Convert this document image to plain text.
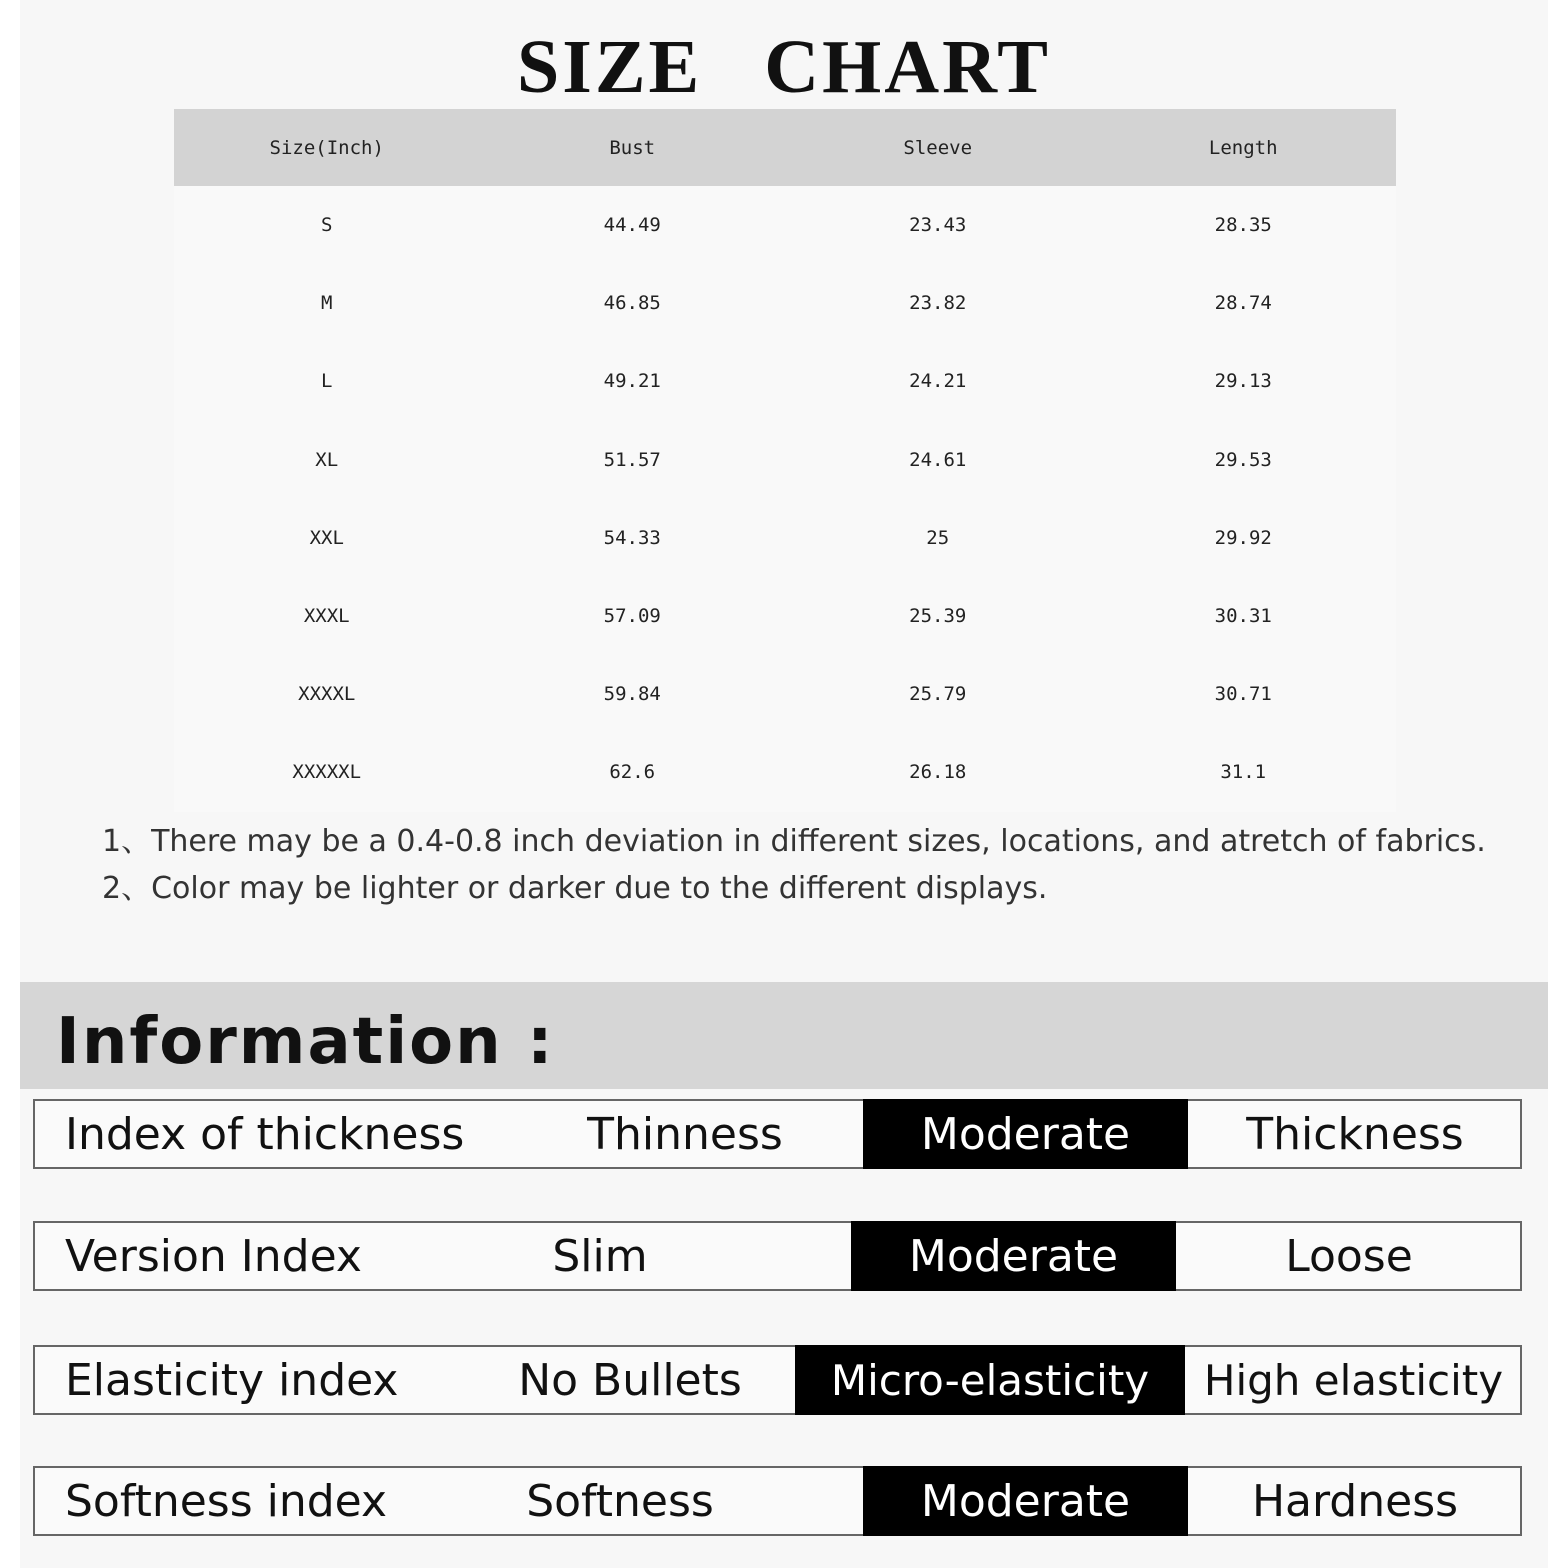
SIZE CHART
Size(Inch)	Bust	Sleeve	Length
S	44.49	23.43	28.35
M	46.85	23.82	28.74
L	49.21	24.21	29.13
XL	51.57	24.61	29.53
XXL	54.33	25	29.92
XXXL	57.09	25.39	30.31
XXXXL	59.84	25.79	30.71
XXXXXL	62.6	26.18	31.1
1、There may be a 0.4-0.8 inch deviation in different sizes, locations, and atretch of fabrics.
2、Color may be lighter or darker due to the different displays.
Information :
Index of thickness	Thinness	Moderate	Thickness
Version Index	Slim	Moderate	Loose
Elasticity index	No Bullets	Micro-elasticity	High elasticity
Softness index	Softness	Moderate	Hardness
